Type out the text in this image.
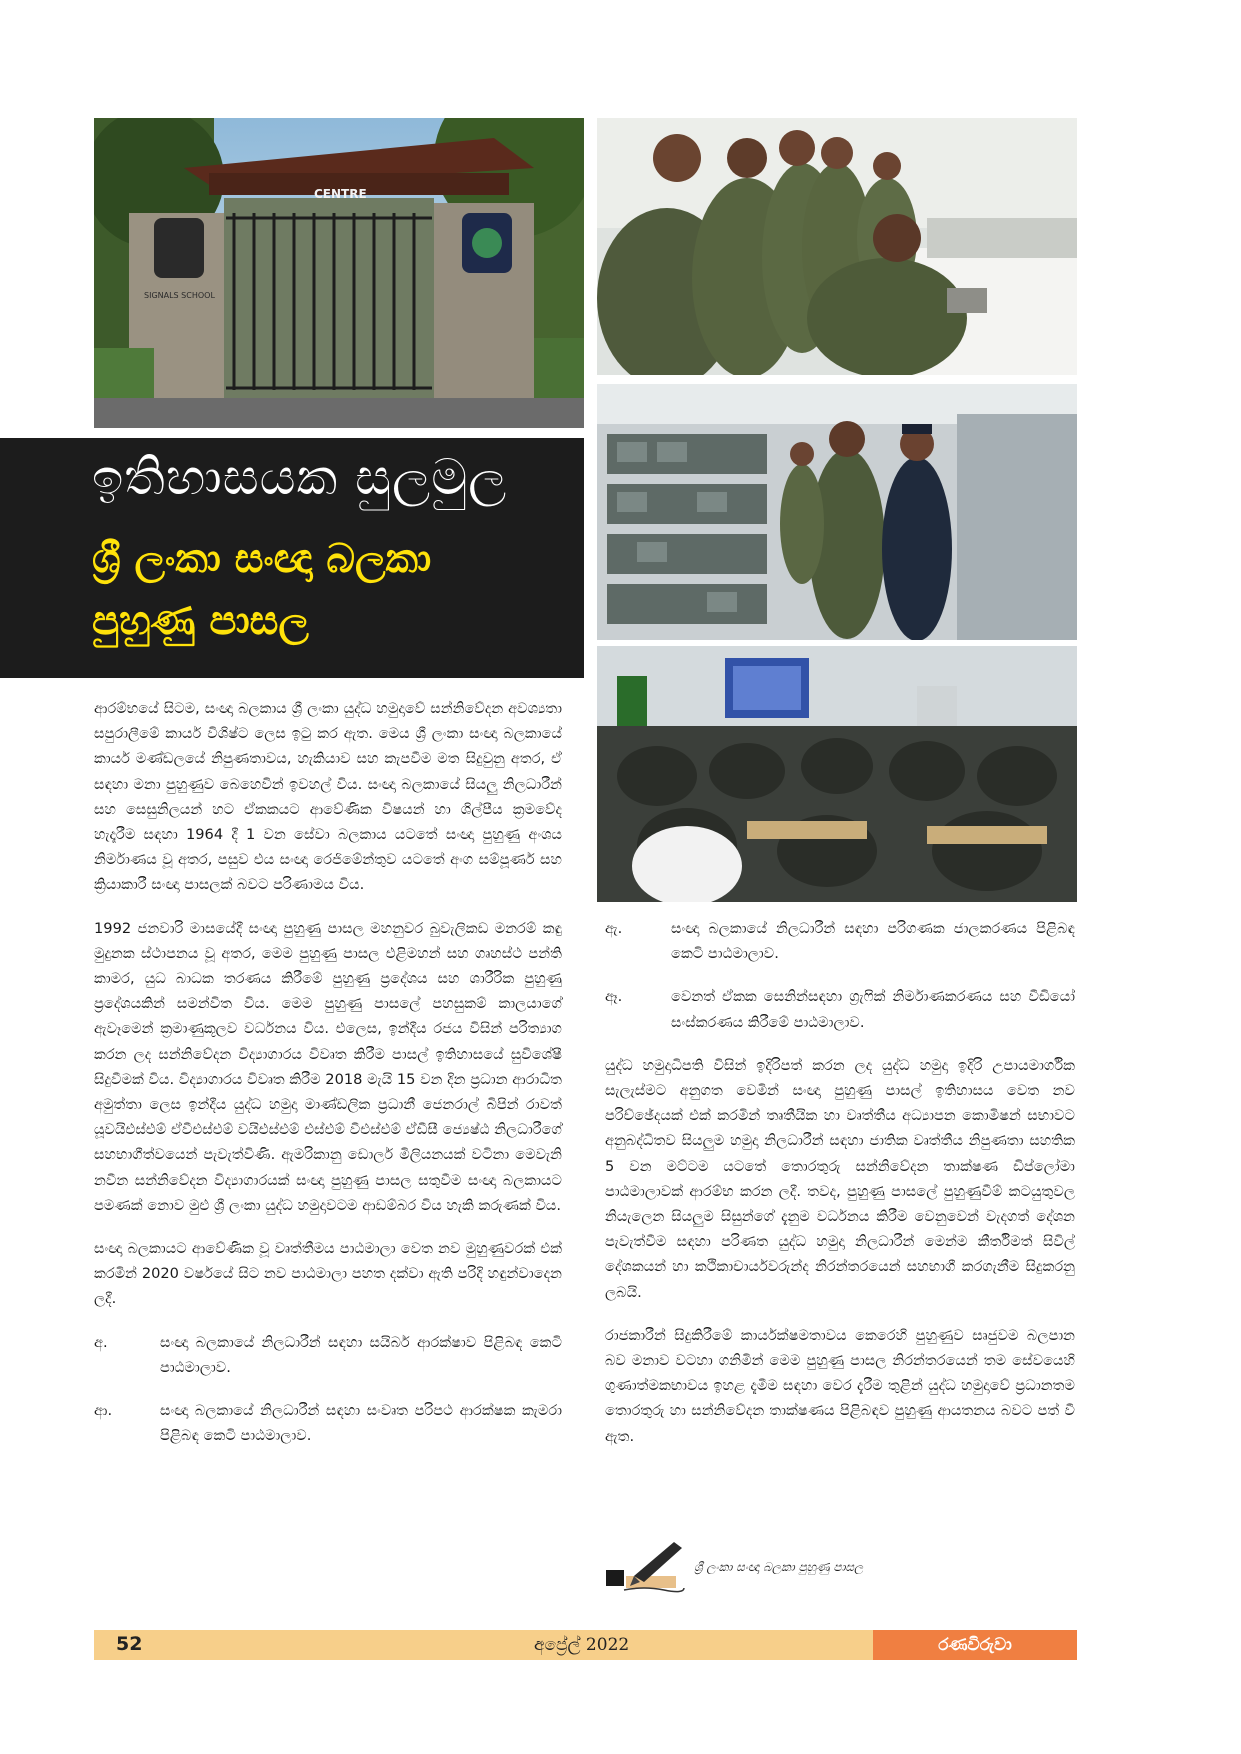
CENTRE
SIGNALS SCHOOL
ඉතිහාසයක සුලමුල
ශ්‍රී ලංකා සංඥා බලකා
පුහුණු පාසල

ආරම්භයේ සිටම, සංඥා බලකාය ශ්‍රී ලංකා යුද්ධ හමුදාවේ සන්නිවේදන අවශ්‍යතා සපුරාලීමේ කාර්ය විශිෂ්ට ලෙස ඉටු කර ඇත. මෙය ශ්‍රී ලංකා සංඥා බලකායේ කාර්ය මණ්ඩලයේ නිපුණතාවය, හැකියාව සහ කැපවීම මත සිදුවුනු අතර, ඒ සඳහා මනා පුහුණුව බෙහෙවින් ඉවහල් විය. සංඥා බලකායේ සියලු නිලධාරීන් සහ සෙසුනිලයන් හට ඒකකයට ආවේණික විෂයන් හා ශිල්පීය ක්‍රමවේද හැදෑරීම සඳහා 1964 දී 1 වන සේවා බලකාය යටතේ සංඥා පුහුණු අංශය නිර්මාණය වූ අතර, පසුව එය සංඥා රෙජිමේන්තුව යටතේ අංග සම්පූර්ණ සහ ක්‍රියාකාරී සංඥා පාසලක් බවට පරිණාමය විය.

1992 ජනවාරි මාසයේදී සංඥා පුහුණු පාසල මහනුවර බුවැලිකඩ මනරම් කඳු මුදුනක ස්ථාපනය වූ අතර, මෙම පුහුණු පාසල එළිමහන් සහ ගෘහස්ථ පන්ති කාමර, යුධ බාධක තරණය කිරීමේ පුහුණු ප්‍රදේශය සහ ශාරීරික පුහුණු ප්‍රදේශයකින් සමන්විත විය. මෙම පුහුණු පාසලේ පහසුකම් කාලයාගේ ඇවෑමෙන් ක්‍රමාණුකූලව වර්ධනය විය. එලෙස, ඉන්දීය රජය විසින් පරිත්‍යාග කරන ලද සන්නිවේදන විද්‍යාගාරය විවෘත කිරීම පාසල් ඉතිහාසයේ සුවිශේෂී සිදුවීමක් විය. විද්‍යාගාරය විවෘත කිරීම 2018 මැයි 15 වන දින ප්‍රධාන ආරාධිත අමුත්තා ලෙස ඉන්දීය යුද්ධ හමුදා මාණ්ඩලික ප්‍රධානී ජෙනරාල් බිපින් රාවත් යූවයිඑස්එම් ඒවීඑස්එම් වයිඑස්එම් එස්එම් වීඑස්එම් ඒඩීසී ජ්‍යෙෂ්ඨ නිලධාරීගේ සහභාගීත්වයෙන් පැවැත්විණි. ඇමරිකානු ඩොලර් මිලියනයක් වටිනා මෙවැනි නවීන සන්නිවේදන විද්‍යාගාරයක් සංඥා පුහුණු පාසල සතුවීම සංඥා බලකායට පමණක් නොව මුළු ශ්‍රී ලංකා යුද්ධ හමුදාවටම ආඩම්බර විය හැකි කරුණක් විය.

සංඥා බලකායට ආවේණික වූ වෘත්තීමය පාඨමාලා වෙත නව මුහුණුවරක් එක් කරමින් 2020 වර්ෂයේ සිට නව පාඨමාලා පහත දක්වා ඇති පරිදි හඳුන්වාදෙන ලදී.

අ.	සංඥා බලකායේ නිලධාරීන් සඳහා සයිබර් ආරක්ෂාව පිළිබඳ කෙටි පාඨමාලාව.

ආ.	සංඥා බලකායේ නිලධාරීන් සඳහා සංවෘත පරිපථ ආරක්ෂක කැමරා පිළිබඳ කෙටි පාඨමාලාව.

ඇ.	සංඥා බලකායේ නිලධාරීන් සඳහා පරිගණක ජාලකරණය පිළිබඳ කෙටි පාඨමාලාව.

ඈ.	වෙනත් ඒකක සෙනින්සඳහා ග්‍රැෆික් නිර්මාණකරණය සහ වීඩියෝ සංස්කරණය කිරීමේ පාඨමාලාව.

යුද්ධ හමුදාධිපති විසින් ඉදිරිපත් කරන ලද යුද්ධ හමුදා ඉදිරි උපායමාර්ගික සැලැස්මට අනුගත වෙමින් සංඥා පුහුණු පාසල් ඉතිහාසය වෙත නව පරිච්ඡේදයක් එක් කරමින් තෘතීයික හා වෘත්තීය අධ්‍යාපන කොමිෂන් සභාවට අනුබද්ධිතව සියලුම හමුදා නිලධාරීන් සඳහා ජාතික වෘත්තීය නිපුණතා සහතික 5 වන මට්ටම යටතේ තොරතුරු සන්නිවේදන තාක්ෂණ ඩිප්ලෝමා පාඨමාලාවක් ආරම්භ කරන ලදී. තවද, පුහුණු පාසලේ පුහුණුවීම් කටයුතුවල නියැලෙන සියලුම සිසුන්ගේ දැනුම වර්ධනය කිරීම වෙනුවෙන් වැදගත් දේශන පැවැත්වීම සඳහා පරිණත යුද්ධ හමුදා නිලධාරීන් මෙන්ම කීර්තිමත් සිවිල් දේශකයන් හා කථිකාචාර්යවරුන්ද නිරන්තරයෙන් සහභාගී කරගැනීම සිදුකරනු ලබයි.

රාජකාරීන් සිදුකිරීමේ කාර්යක්ෂමතාවය කෙරෙහි පුහුණුව සෘජුවම බලපාන බව මනාව වටහා ගනිමින් මෙම පුහුණු පාසල නිරන්තරයෙන් තම සේවයෙහි ගුණාත්මකභාවය ඉහළ දැමීම සඳහා වෙර දැරීම තුළින් යුද්ධ හමුදාවේ ප්‍රධානතම තොරතුරු හා සන්නිවේදන තාක්ෂණය පිළිබඳව පුහුණු ආයතනය බවට පත් වී ඇත.

ශ්‍රී ලංකා සංඥා බලකා පුහුණු පාසල
52	අප්‍රේල් 2022	රණවිරුවා
